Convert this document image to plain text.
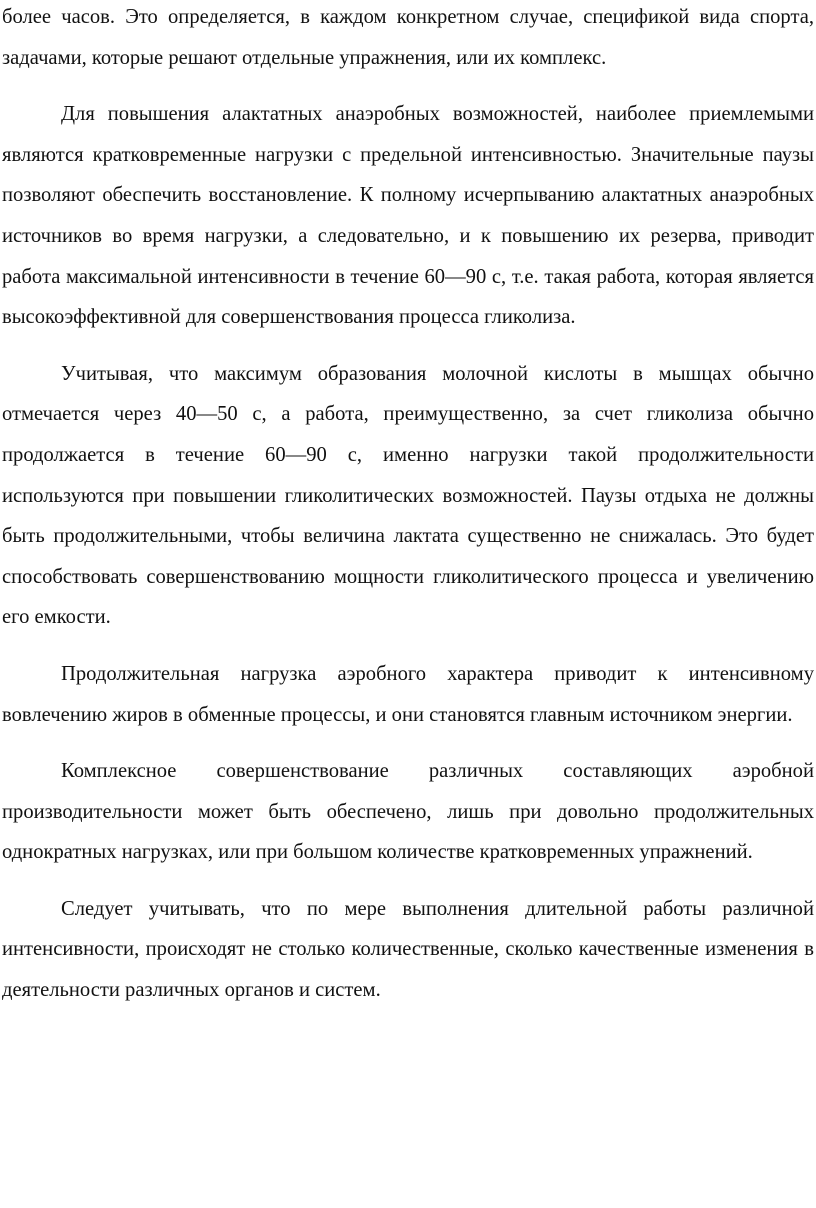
более часов. Это определяется, в каждом конкретном случае, спецификой вида спорта, задачами, которые решают отдельные упражнения, или их комплекс.

Для повышения алактатных анаэробных возможностей, наиболее приемлемыми являются кратковременные нагрузки с предельной интенсивностью. Значительные паузы позволяют обеспечить восстановление. К полному исчерпыванию алактатных анаэробных источников во время нагрузки, а следовательно, и к повышению их резерва, приводит работа максимальной интенсивности в течение 60—90 с, т.е. такая работа, которая является высокоэффективной для совершенствования процесса гликолиза.

Учитывая, что максимум образования молочной кислоты в мышцах обычно отмечается через 40—50 с, а работа, преимущественно, за счет гликолиза обычно продолжается в течение 60—90 с, именно нагрузки такой продолжительности используются при повышении гликолитических возможностей. Паузы отдыха не должны быть продолжительными, чтобы величина лактата существенно не снижалась. Это будет способствовать совершенствованию мощности гликолитического процесса и увеличению его емкости.

Продолжительная нагрузка аэробного характера приводит к интенсивному вовлечению жиров в обменные процессы, и они становятся главным источником энергии.

Комплексное совершенствование различных составляющих аэробной производительности может быть обеспечено, лишь при довольно продолжительных однократных нагрузках, или при большом количестве кратковременных упражнений.

Следует учитывать, что по мере выполнения длительной работы различной интенсивности, происходят не столько количественные, сколько качественные изменения в деятельности различных органов и систем.
